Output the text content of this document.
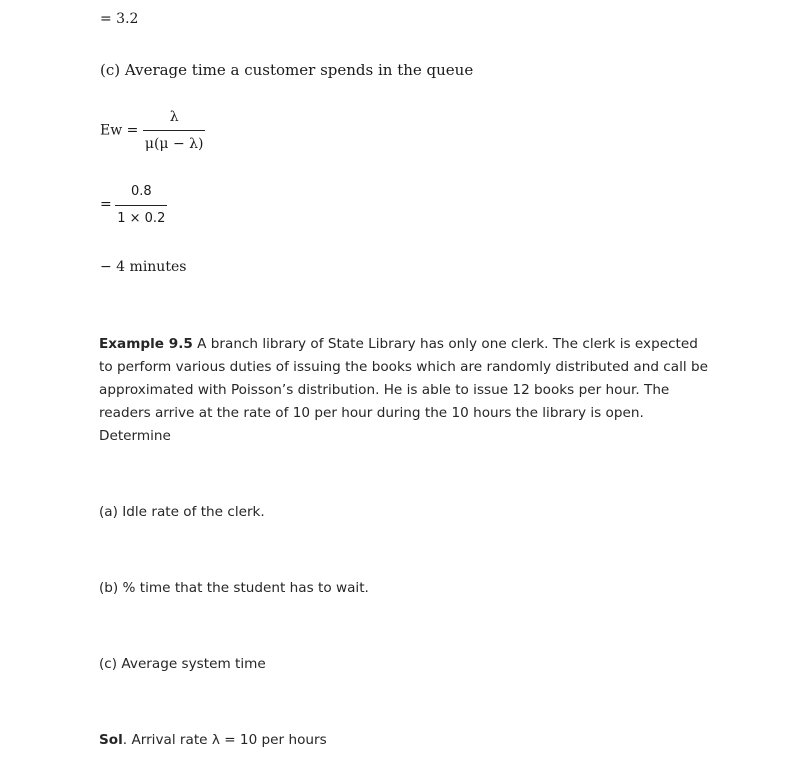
= 3.2
(c) Average time a customer spends in the queue
$Ew = \frac{\lambda}{\mu(\mu - \lambda)}$
= $\frac{0.8}{1 \times 0.2}$
− 4 minutes
Example 9.5 A branch library of State Library has only one clerk. The clerk is expected to perform various duties of issuing the books which are randomly distributed and call be approximated with Poisson’s distribution. He is able to issue 12 books per hour. The readers arrive at the rate of 10 per hour during the 10 hours the library is open. Determine
(a) Idle rate of the clerk.
(b) % time that the student has to wait.
(c) Average system time
Sol. Arrival rate λ = 10 per hours
